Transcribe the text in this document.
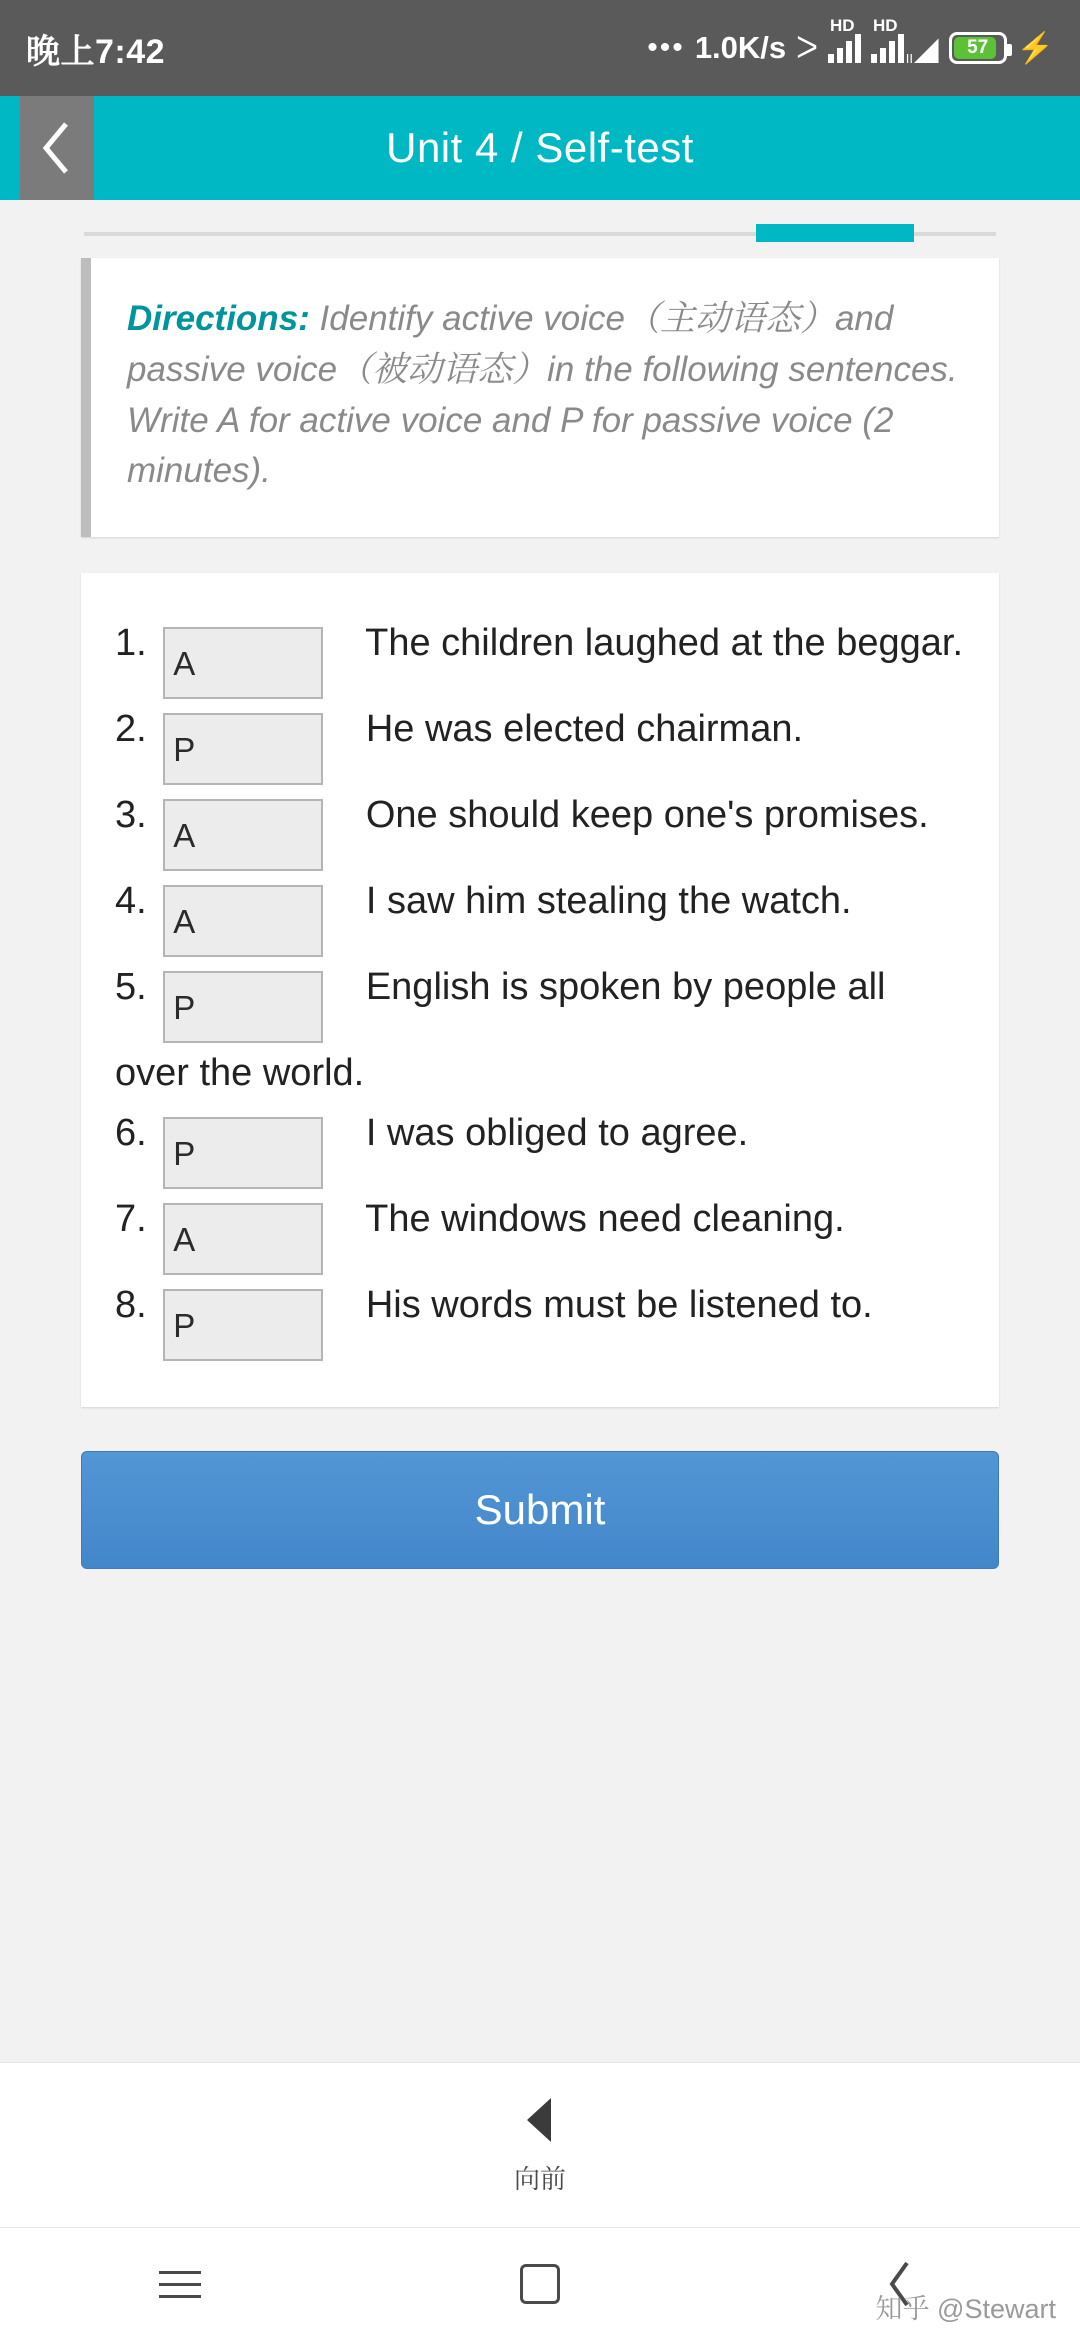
晚上7:42	••• 1.0K/s ᐳ
HD HD
II ◢ 57 ⚡
Unit 4 / Self-test
Directions: Identify active voice（主动语态）and passive voice（被动语态）in the following sentences. Write A for active voice and P for passive voice (2 minutes).
1. A	The children laughed at the beggar.
2. P	He was elected chairman.
3. A	One should keep one's promises.
4. A	I saw him stealing the watch.
5. P	English is spoken by people all over the world.
6. P	I was obliged to agree.
7. A	The windows need cleaning.
8. P	His words must be listened to.
Submit
向前
知乎 @Stewart
